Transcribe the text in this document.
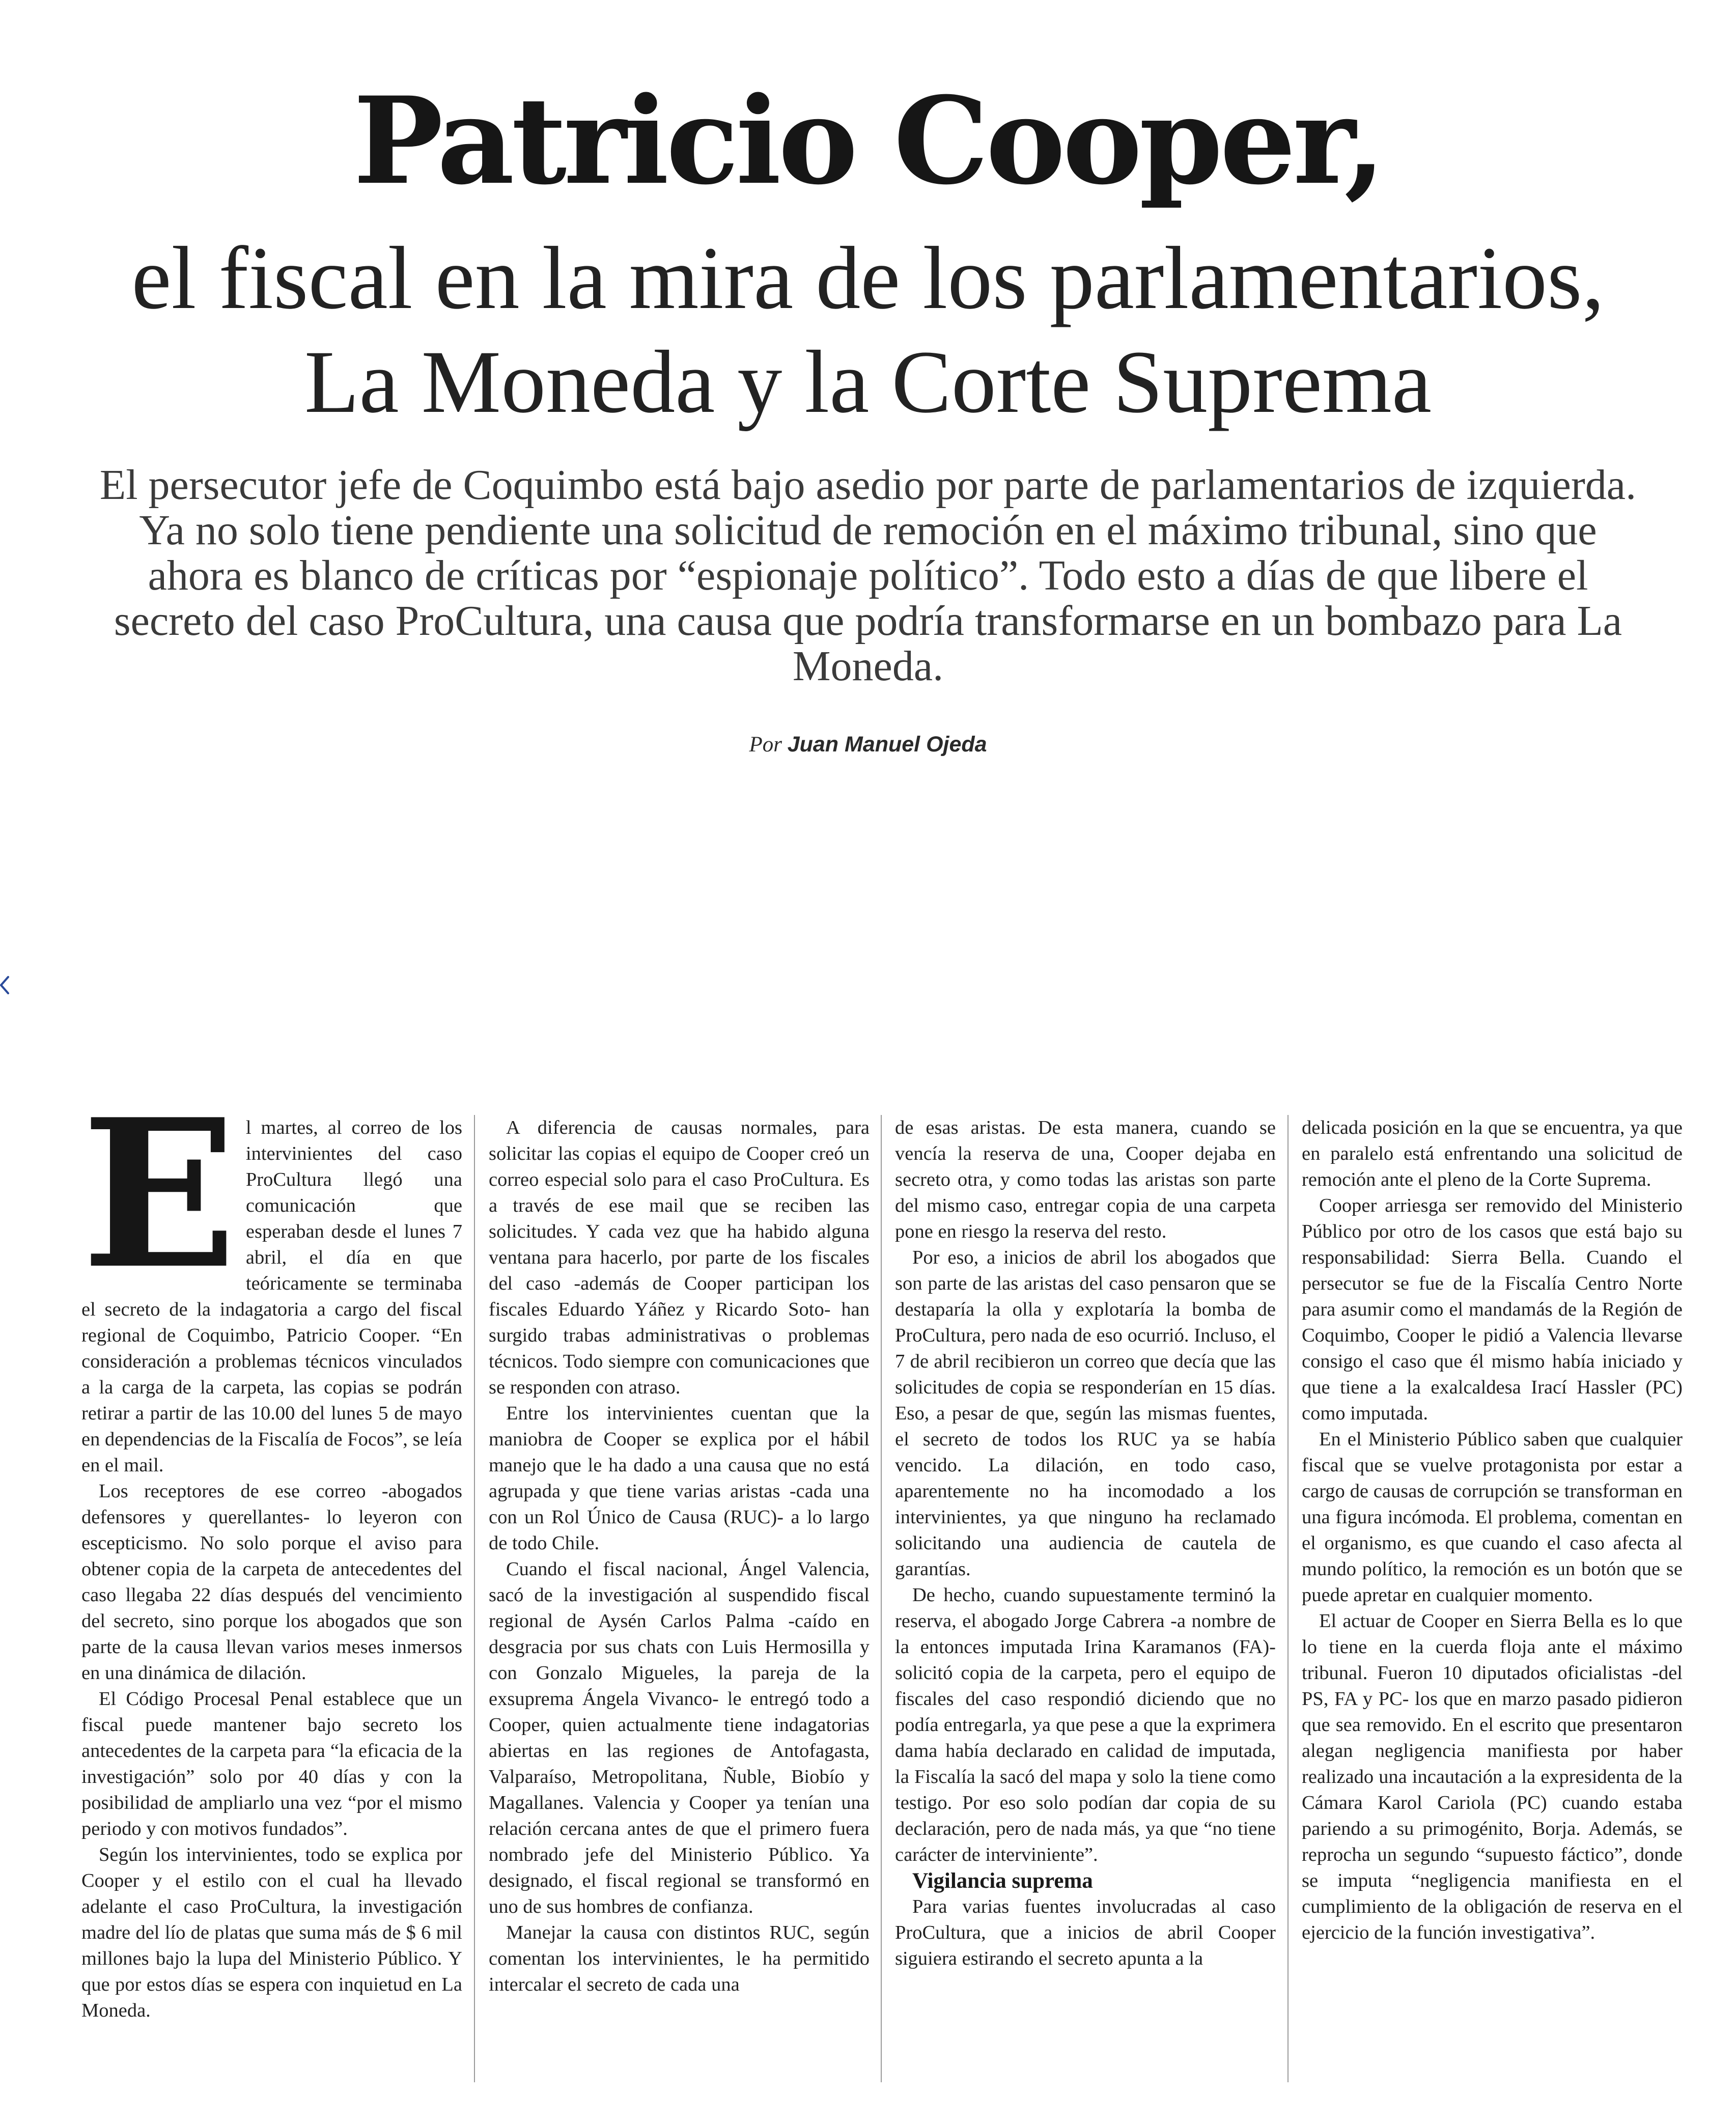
Patricio Cooper,
el fiscal en la mira de los parlamentarios,
La Moneda y la Corte Suprema

El persecutor jefe de Coquimbo está bajo asedio por parte de parlamentarios de izquierda. Ya no solo tiene pendiente una solicitud de remoción en el máximo tribunal, sino que ahora es blanco de críticas por “espionaje político”. Todo esto a días de que libere el secreto del caso ProCultura, una causa que podría transformarse en un bombazo para La Moneda.

Por Juan Manuel Ojeda
E l martes, al correo de los intervinientes del caso ProCultura llegó una comunicación que esperaban desde el lunes 7 abril, el día en que teóricamente se terminaba el secreto de la indagatoria a cargo del fiscal regional de Coquimbo, Patricio Cooper. “En consideración a problemas técnicos vinculados a la carga de la carpeta, las copias se podrán retirar a partir de las 10.00 del lunes 5 de mayo en dependencias de la Fiscalía de Focos”, se leía en el mail.

Los receptores de ese correo -abogados defensores y querellantes- lo leyeron con escepticismo. No solo porque el aviso para obtener copia de la carpeta de antecedentes del caso llegaba 22 días después del vencimiento del secreto, sino porque los abogados que son parte de la causa llevan varios meses inmersos en una dinámica de dilación.

El Código Procesal Penal establece que un fiscal puede mantener bajo secreto los antecedentes de la carpeta para “la eficacia de la investigación” solo por 40 días y con la posibilidad de ampliarlo una vez “por el mismo periodo y con motivos fundados”.

Según los intervinientes, todo se explica por Cooper y el estilo con el cual ha llevado adelante el caso ProCultura, la investigación madre del lío de platas que suma más de $ 6 mil millones bajo la lupa del Ministerio Público. Y que por estos días se espera con inquietud en La Moneda.

A diferencia de causas normales, para solicitar las copias el equipo de Cooper creó un correo especial solo para el caso ProCultura. Es a través de ese mail que se reciben las solicitudes. Y cada vez que ha habido alguna ventana para hacerlo, por parte de los fiscales del caso -además de Cooper participan los fiscales Eduardo Yáñez y Ricardo Soto- han surgido trabas administrativas o problemas técnicos. Todo siempre con comunicaciones que se responden con atraso.

Entre los intervinientes cuentan que la maniobra de Cooper se explica por el hábil manejo que le ha dado a una causa que no está agrupada y que tiene varias aristas -cada una con un Rol Único de Causa (RUC)- a lo largo de todo Chile.

Cuando el fiscal nacional, Ángel Valencia, sacó de la investigación al suspendido fiscal regional de Aysén Carlos Palma -caído en desgracia por sus chats con Luis Hermosilla y con Gonzalo Migueles, la pareja de la exsuprema Ángela Vivanco- le entregó todo a Cooper, quien actualmente tiene indagatorias abiertas en las regiones de Antofagasta, Valparaíso, Metropolitana, Ñuble, Biobío y Magallanes. Valencia y Cooper ya tenían una relación cercana antes de que el primero fuera nombrado jefe del Ministerio Público. Ya designado, el fiscal regional se transformó en uno de sus hombres de confianza.

Manejar la causa con distintos RUC, según comentan los intervinientes, le ha permitido intercalar el secreto de cada una

de esas aristas. De esta manera, cuando se vencía la reserva de una, Cooper dejaba en secreto otra, y como todas las aristas son parte del mismo caso, entregar copia de una carpeta pone en riesgo la reserva del resto.

Por eso, a inicios de abril los abogados que son parte de las aristas del caso pensaron que se destaparía la olla y explotaría la bomba de ProCultura, pero nada de eso ocurrió. Incluso, el 7 de abril recibieron un correo que decía que las solicitudes de copia se responderían en 15 días. Eso, a pesar de que, según las mismas fuentes, el secreto de todos los RUC ya se había vencido. La dilación, en todo caso, aparentemente no ha incomodado a los intervinientes, ya que ninguno ha reclamado solicitando una audiencia de cautela de garantías.

De hecho, cuando supuestamente terminó la reserva, el abogado Jorge Cabrera -a nombre de la entonces imputada Irina Karamanos (FA)- solicitó copia de la carpeta, pero el equipo de fiscales del caso respondió diciendo que no podía entregarla, ya que pese a que la exprimera dama había declarado en calidad de imputada, la Fiscalía la sacó del mapa y solo la tiene como testigo. Por eso solo podían dar copia de su declaración, pero de nada más, ya que “no tiene carácter de interviniente”.

Vigilancia suprema

Para varias fuentes involucradas al caso ProCultura, que a inicios de abril Cooper siguiera estirando el secreto apunta a la

delicada posición en la que se encuentra, ya que en paralelo está enfrentando una solicitud de remoción ante el pleno de la Corte Suprema.

Cooper arriesga ser removido del Ministerio Público por otro de los casos que está bajo su responsabilidad: Sierra Bella. Cuando el persecutor se fue de la Fiscalía Centro Norte para asumir como el mandamás de la Región de Coquimbo, Cooper le pidió a Valencia llevarse consigo el caso que él mismo había iniciado y que tiene a la exalcaldesa Irací Hassler (PC) como imputada.

En el Ministerio Público saben que cualquier fiscal que se vuelve protagonista por estar a cargo de causas de corrupción se transforman en una figura incómoda. El problema, comentan en el organismo, es que cuando el caso afecta al mundo político, la remoción es un botón que se puede apretar en cualquier momento.

El actuar de Cooper en Sierra Bella es lo que lo tiene en la cuerda floja ante el máximo tribunal. Fueron 10 diputados oficialistas -del PS, FA y PC- los que en marzo pasado pidieron que sea removido. En el escrito que presentaron alegan negligencia manifiesta por haber realizado una incautación a la expresidenta de la Cámara Karol Cariola (PC) cuando estaba pariendo a su primogénito, Borja. Además, se reprocha un segundo “supuesto fáctico”, donde se imputa “negligencia manifiesta en el cumplimiento de la obligación de reserva en el ejercicio de la función investigativa”.
